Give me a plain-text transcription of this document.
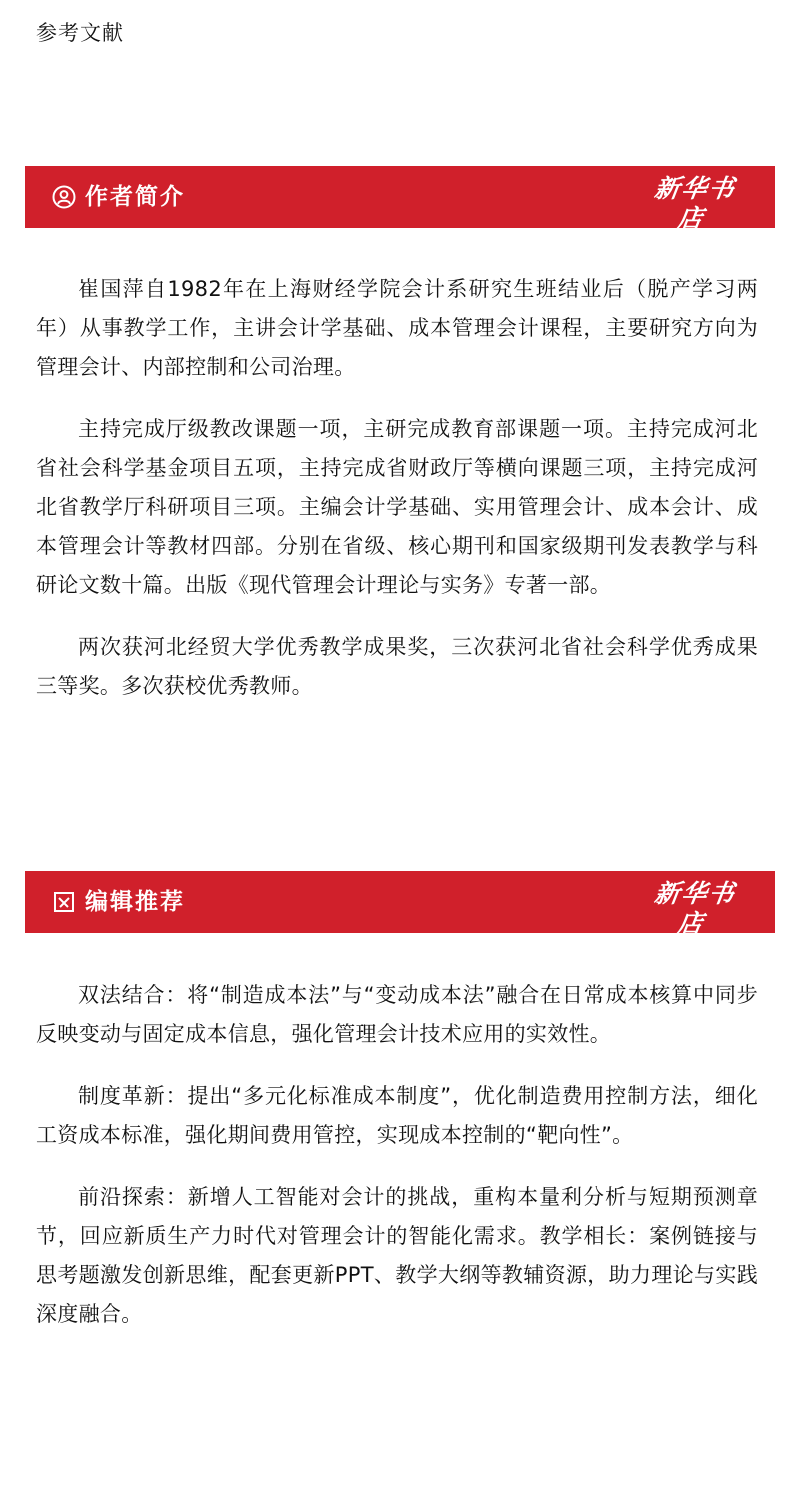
参考文献
作者简介	新华书店
XINHUA BOOKSTORE

崔国萍自1982年在上海财经学院会计系研究生班结业后（脱产学习两年）从事教学工作，主讲会计学基础、成本管理会计课程，主要研究方向为管理会计、内部控制和公司治理。

主持完成厅级教改课题一项，主研完成教育部课题一项。主持完成河北省社会科学基金项目五项，主持完成省财政厅等横向课题三项，主持完成河北省教学厅科研项目三项。主编会计学基础、实用管理会计、成本会计、成本管理会计等教材四部。分别在省级、核心期刊和国家级期刊发表教学与科研论文数十篇。出版《现代管理会计理论与实务》专著一部。

两次获河北经贸大学优秀教学成果奖，三次获河北省社会科学优秀成果三等奖。多次获校优秀教师。

编辑推荐	新华书店
XINHUA BOOKSTORE

双法结合：将“制造成本法”与“变动成本法”融合在日常成本核算中同步反映变动与固定成本信息，强化管理会计技术应用的实效性。

制度革新：提出“多元化标准成本制度”，优化制造费用控制方法，细化工资成本标准，强化期间费用管控，实现成本控制的“靶向性”。

前沿探索：新增人工智能对会计的挑战，重构本量利分析与短期预测章节，回应新质生产力时代对管理会计的智能化需求。教学相长：案例链接与思考题激发创新思维，配套更新PPT、教学大纲等教辅资源，助力理论与实践深度融合。
